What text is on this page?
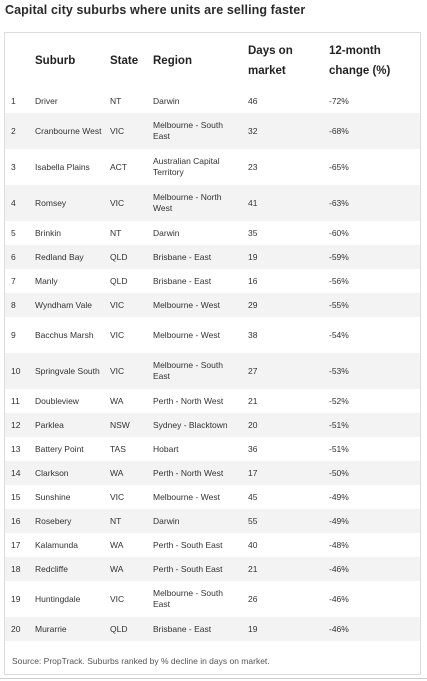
Capital city suburbs where units are selling faster
	Suburb	State	Region	Days on market	12-month change (%)
1	Driver	NT	Darwin	46	-72%
2	Cranbourne West	VIC	Melbourne - South East	32	-68%
3	Isabella Plains	ACT	Australian Capital Territory	23	-65%
4	Romsey	VIC	Melbourne - North West	41	-63%
5	Brinkin	NT	Darwin	35	-60%
6	Redland Bay	QLD	Brisbane - East	19	-59%
7	Manly	QLD	Brisbane - East	16	-56%
8	Wyndham Vale	VIC	Melbourne - West	29	-55%
9	Bacchus Marsh	VIC	Melbourne - West	38	-54%
10	Springvale South	VIC	Melbourne - South East	27	-53%
11	Doubleview	WA	Perth - North West	21	-52%
12	Parklea	NSW	Sydney - Blacktown	20	-51%
13	Battery Point	TAS	Hobart	36	-51%
14	Clarkson	WA	Perth - North West	17	-50%
15	Sunshine	VIC	Melbourne - West	45	-49%
16	Rosebery	NT	Darwin	55	-49%
17	Kalamunda	WA	Perth - South East	40	-48%
18	Redcliffe	WA	Perth - South East	21	-46%
19	Huntingdale	VIC	Melbourne - South East	26	-46%
20	Murarrie	QLD	Brisbane - East	19	-46%
Source: PropTrack. Suburbs ranked by % decline in days on market.
